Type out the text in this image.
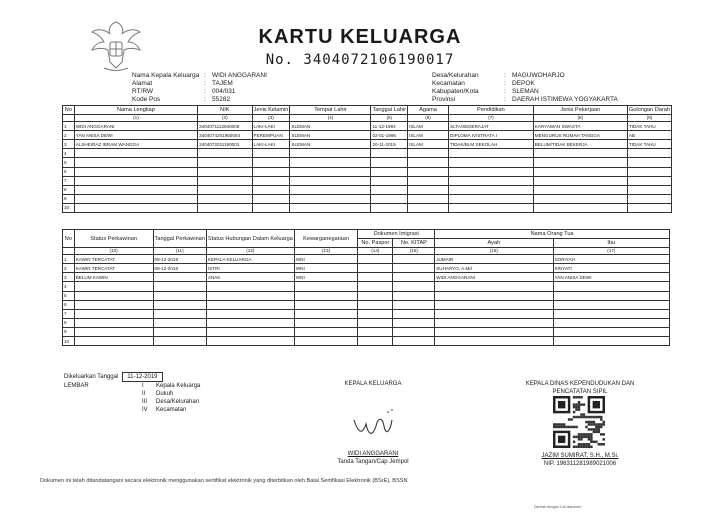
KARTU KELUARGA
No. 3404072106190017
Nama Kepala Keluarga : WIDI ANGGARANI
Alamat	: TAJEM
RT/RW	: 004/031
Kode Pos	: 55282
Desa/Kelurahan	: MAGUWOHARJO
Kecamatan	: DEPOK
Kabupaten/Kota	: SLEMAN
Provinsi	: DAERAH ISTIMEWA YOGYAKARTA
No	Nama Lengkap	NIK	Jenis Kelamin	Tempat Lahir	Tanggal Lahir	Agama	Pendidikan	Jenis Pekerjaan	Golongan Darah
	(1)	(2)	(3)	(4)	(5)	(6)	(7)	(8)	(9)
1	WIDI ANGGARANI	3404071112940008	LAKI-LAKI	SLEMAN	11-12-1994	ISLAM	SLTA/SEDERAJAT	KARYAWAN SWASTA	TIDAK TAHU
2	YAN ANISA DEWI	3404074201950004	PEREMPUAN	SLEMAN	02-01-1995	ISLAM	DIPLOMA IV/STRATA I	MENGURUS RUMAH TANGGA	AB
3	ALSHEIRAZ IBRAM WANGGA	3404072011190001	LAKI-LAKI	SLEMAN	20-11-2019	ISLAM	TIDAK/BLM SEKOLAH	BELUM/TIDAK BEKERJA	TIDAK TAHU
4									
5									
6									
7									
8									
9									
10									
No	Status Perkawinan	Tanggal Perkawinan	Status Hubungan Dalam Keluarga	Kewarganegaraan	Dokumen Imigrasi		Nama Orang Tua	
					No. Paspor	No. KITAP	Ayah	Ibu
	(10)	(11)	(12)	(13)	(14)	(15)	(16)	(17)
1	KAWIN TERCATAT	08-12-2018	KEPALA KELUARGA	WNI			JUMAIR	SORIYAH
2	KAWIN TERCATAT	08-12-2018	ISTRI	WNI			SUHARYO, A.Md	KRIYATI
3	BELUM KAWIN		ANAK	WNI			WIDI ANGGARANI	YAN ANISA DEWI
4								
5								
6								
7								
8								
9								
10								
Dikeluarkan Tanggal 11-12-2019
LEMBAR	I Kepala Keluarga
II Dukuh
III Desa/Kelurahan
IV Kecamatan
KEPALA KELUARGA
WIDI ANGGARANI
Tanda Tangan/Cap Jempol
KEPALA DINAS KEPENDUDUKAN DAN
PENCATATAN SIPIL
JAZIM SUMIRAT, S.H., M.Si.
NIP. 196311281989021006
Dokumen ini telah ditandatangani secara elektronik menggunakan sertifikat elektronik yang diterbitkan oleh Balai Sertifikasi Elektronik (BSrE), BSSN
Dicetak dengan Cat dokumen
